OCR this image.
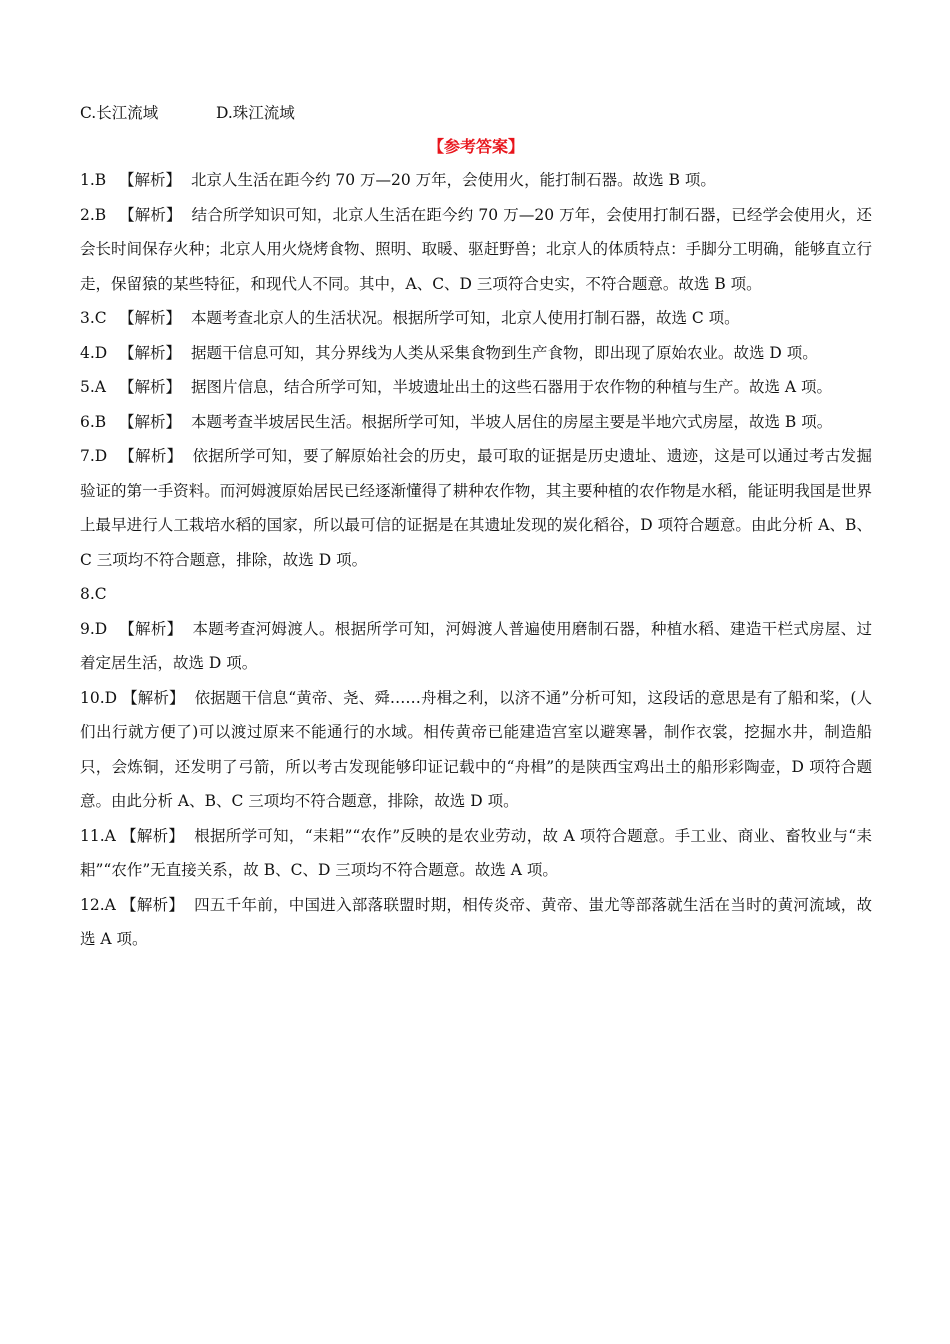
C.长江流域	D.珠江流域
【参考答案】

1.B 【解析】 北京人生活在距今约 70 万—20 万年，会使用火，能打制石器。故选 B 项。

2.B 【解析】 结合所学知识可知，北京人生活在距今约 70 万—20 万年，会使用打制石器，已经学会使用火，还会长时间保存火种；北京人用火烧烤食物、照明、取暖、驱赶野兽；北京人的体质特点：手脚分工明确，能够直立行走，保留猿的某些特征，和现代人不同。其中，A、C、D 三项符合史实，不符合题意。故选 B 项。

3.C 【解析】 本题考查北京人的生活状况。根据所学可知，北京人使用打制石器，故选 C 项。

4.D 【解析】 据题干信息可知，其分界线为人类从采集食物到生产食物，即出现了原始农业。故选 D 项。

5.A 【解析】 据图片信息，结合所学可知，半坡遗址出土的这些石器用于农作物的种植与生产。故选 A 项。

6.B 【解析】 本题考查半坡居民生活。根据所学可知，半坡人居住的房屋主要是半地穴式房屋，故选 B 项。

7.D 【解析】 依据所学可知，要了解原始社会的历史，最可取的证据是历史遗址、遗迹，这是可以通过考古发掘验证的第一手资料。而河姆渡原始居民已经逐渐懂得了耕种农作物，其主要种植的农作物是水稻，能证明我国是世界上最早进行人工栽培水稻的国家，所以最可信的证据是在其遗址发现的炭化稻谷，D 项符合题意。由此分析 A、B、C 三项均不符合题意，排除，故选 D 项。

8.C

9.D 【解析】 本题考查河姆渡人。根据所学可知，河姆渡人普遍使用磨制石器，种植水稻、建造干栏式房屋、过着定居生活，故选 D 项。

10.D 【解析】 依据题干信息“黄帝、尧、舜……舟楫之利，以济不通”分析可知，这段话的意思是有了船和桨，(人们出行就方便了)可以渡过原来不能通行的水域。相传黄帝已能建造宫室以避寒暑，制作衣裳，挖掘水井，制造船只，会炼铜，还发明了弓箭，所以考古发现能够印证记载中的“舟楫”的是陕西宝鸡出土的船形彩陶壶，D 项符合题意。由此分析 A、B、C 三项均不符合题意，排除，故选 D 项。

11.A 【解析】 根据所学可知，“耒耜”“农作”反映的是农业劳动，故 A 项符合题意。手工业、商业、畜牧业与“耒耜”“农作”无直接关系，故 B、C、D 三项均不符合题意。故选 A 项。

12.A 【解析】 四五千年前，中国进入部落联盟时期，相传炎帝、黄帝、蚩尤等部落就生活在当时的黄河流域，故选 A 项。
